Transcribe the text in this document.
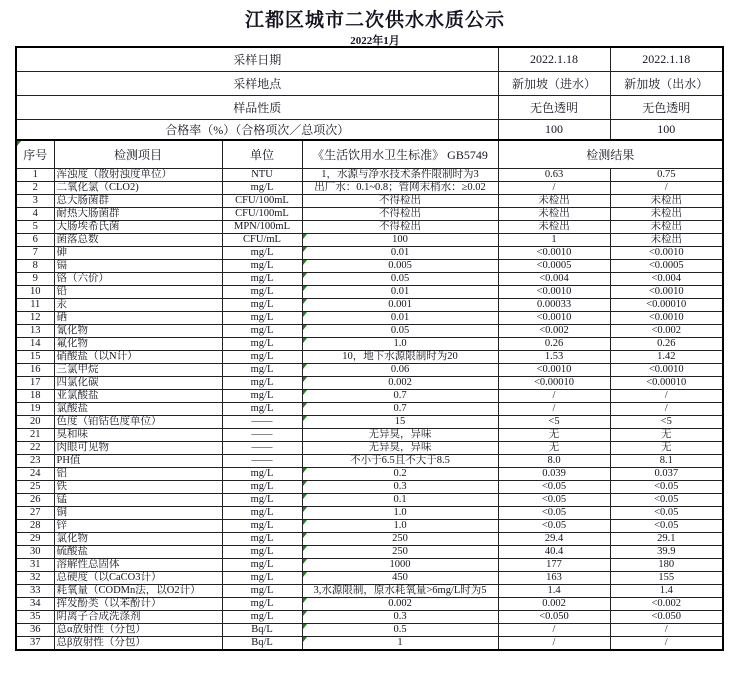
江都区城市二次供水水质公示
2022年1月
采样日期				2022.1.18	2022.1.18
采样地点				新加坡（进水）	新加坡（出水）
样品性质				无色透明	无色透明
合格率（%）（合格项次／总项次）				100	100

序号	检测项目	单位	《生活饮用水卫生标准》 GB5749	检测结果	
1	浑浊度（散射浊度单位）	NTU	1，水源与净水技术条件限制时为3	0.63	0.75
2	二氧化氯（CLO2)	mg/L	出厂水：0.1~0.8；管网末梢水：≥0.02	/	/
3	总大肠菌群	CFU/100mL	不得检出	未检出	未检出
4	耐热大肠菌群	CFU/100mL	不得检出	未检出	未检出
5	大肠埃希氏菌	MPN/100mL	不得检出	未检出	未检出
6	菌落总数	CFU/mL	100	1	未检出
7	砷	mg/L	0.01	<0.0010	<0.0010
8	镉	mg/L	0.005	<0.0005	<0.0005
9	铬（六价）	mg/L	0.05	<0.004	<0.004
10	铅	mg/L	0.01	<0.0010	<0.0010
11	汞	mg/L	0.001	0.00033	<0.00010
12	硒	mg/L	0.01	<0.0010	<0.0010
13	氰化物	mg/L	0.05	<0.002	<0.002
14	氟化物	mg/L	1.0	0.26	0.26
15	硝酸盐（以N计）	mg/L	10，地下水源限制时为20	1.53	1.42
16	三氯甲烷	mg/L	0.06	<0.0010	<0.0010
17	四氯化碳	mg/L	0.002	<0.00010	<0.00010
18	亚氯酸盐	mg/L	0.7	/	/
19	氯酸盐	mg/L	0.7	/	/
20	色度（铂钴色度单位）	——	15	<5	<5
21	臭和味	——	无异臭，异味	无	无
22	肉眼可见物	——	无异臭，异味	无	无
23	PH值	——	不小于6.5且不大于8.5	8.0	8.1
24	铝	mg/L	0.2	0.039	0.037
25	铁	mg/L	0.3	<0.05	<0.05
26	锰	mg/L	0.1	<0.05	<0.05
27	铜	mg/L	1.0	<0.05	<0.05
28	锌	mg/L	1.0	<0.05	<0.05
29	氯化物	mg/L	250	29.4	29.1
30	硫酸盐	mg/L	250	40.4	39.9
31	溶解性总固体	mg/L	1000	177	180
32	总硬度（以CaCO3计）	mg/L	450	163	155
33	耗氧量（CODMn法，以O2计）	mg/L	3,水源限制，原水耗氧量>6mg/L时为5	1.4	1.4
34	挥发酚类（以苯酚计）	mg/L	0.002	0.002	<0.002
35	阴离子合成洗涤剂	mg/L	0.3	<0.050	<0.050
36	总α放射性（分包）	Bq/L	0.5	/	/
37	总β放射性（分包）	Bq/L	1	/	/
